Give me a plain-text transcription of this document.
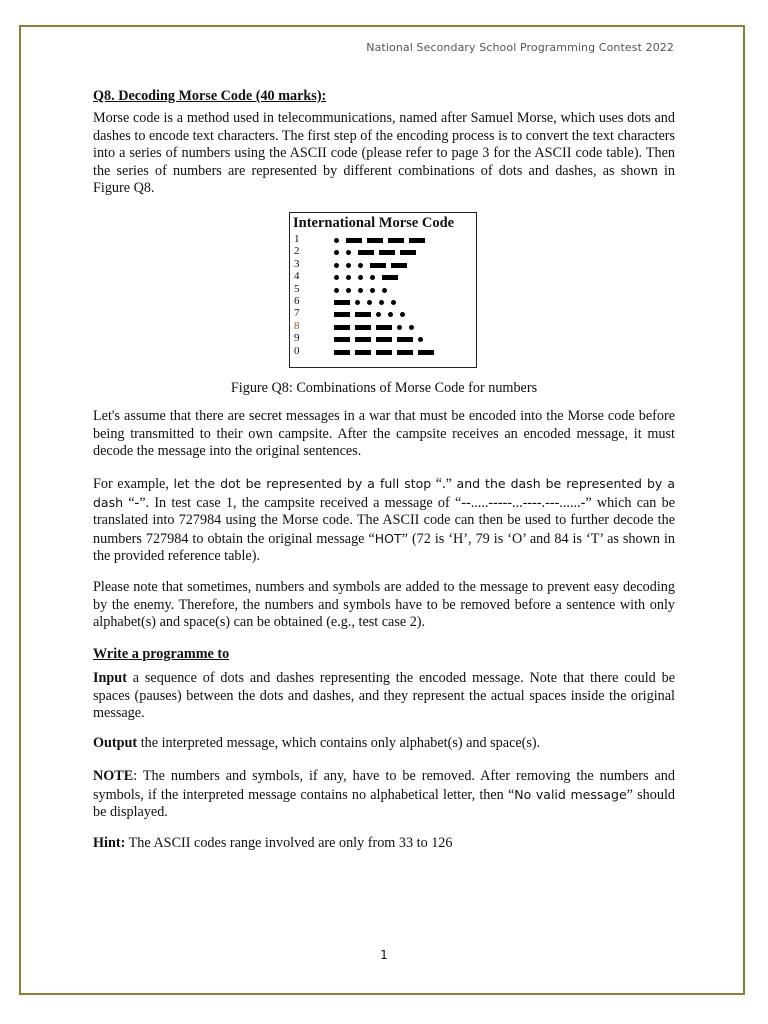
National Secondary School Programming Contest 2022
Q8. Decoding Morse Code (40 marks):
Morse code is a method used in telecommunications, named after Samuel Morse, which uses dots and dashes to encode text characters. The first step of the encoding process is to convert the text characters into a series of numbers using the ASCII code (please refer to page 3 for the ASCII code table). Then the series of numbers are represented by different combinations of dots and dashes, as shown in Figure Q8.
International Morse Code
1
2
3
4
5
6
7
8
9
0
Figure Q8: Combinations of Morse Code for numbers
Let's assume that there are secret messages in a war that must be encoded into the Morse code before being transmitted to their own campsite. After the campsite receives an encoded message, it must decode the message into the original sentences.
For example, let the dot be represented by a full stop “.” and the dash be represented by a dash “-”. In test case 1, the campsite received a message of “--.....-----...----.---......-” which can be translated into 727984 using the Morse code. The ASCII code can then be used to further decode the numbers 727984 to obtain the original message “HOT” (72 is ‘H’, 79 is ‘O’ and 84 is ‘T’ as shown in the provided reference table).
Please note that sometimes, numbers and symbols are added to the message to prevent easy decoding by the enemy. Therefore, the numbers and symbols have to be removed before a sentence with only alphabet(s) and space(s) can be obtained (e.g., test case 2).
Write a programme to
Input a sequence of dots and dashes representing the encoded message. Note that there could be spaces (pauses) between the dots and dashes, and they represent the actual spaces inside the original message.
Output the interpreted message, which contains only alphabet(s) and space(s).
NOTE: The numbers and symbols, if any, have to be removed. After removing the numbers and symbols, if the interpreted message contains no alphabetical letter, then “No valid message” should be displayed.
Hint: The ASCII codes range involved are only from 33 to 126
1
